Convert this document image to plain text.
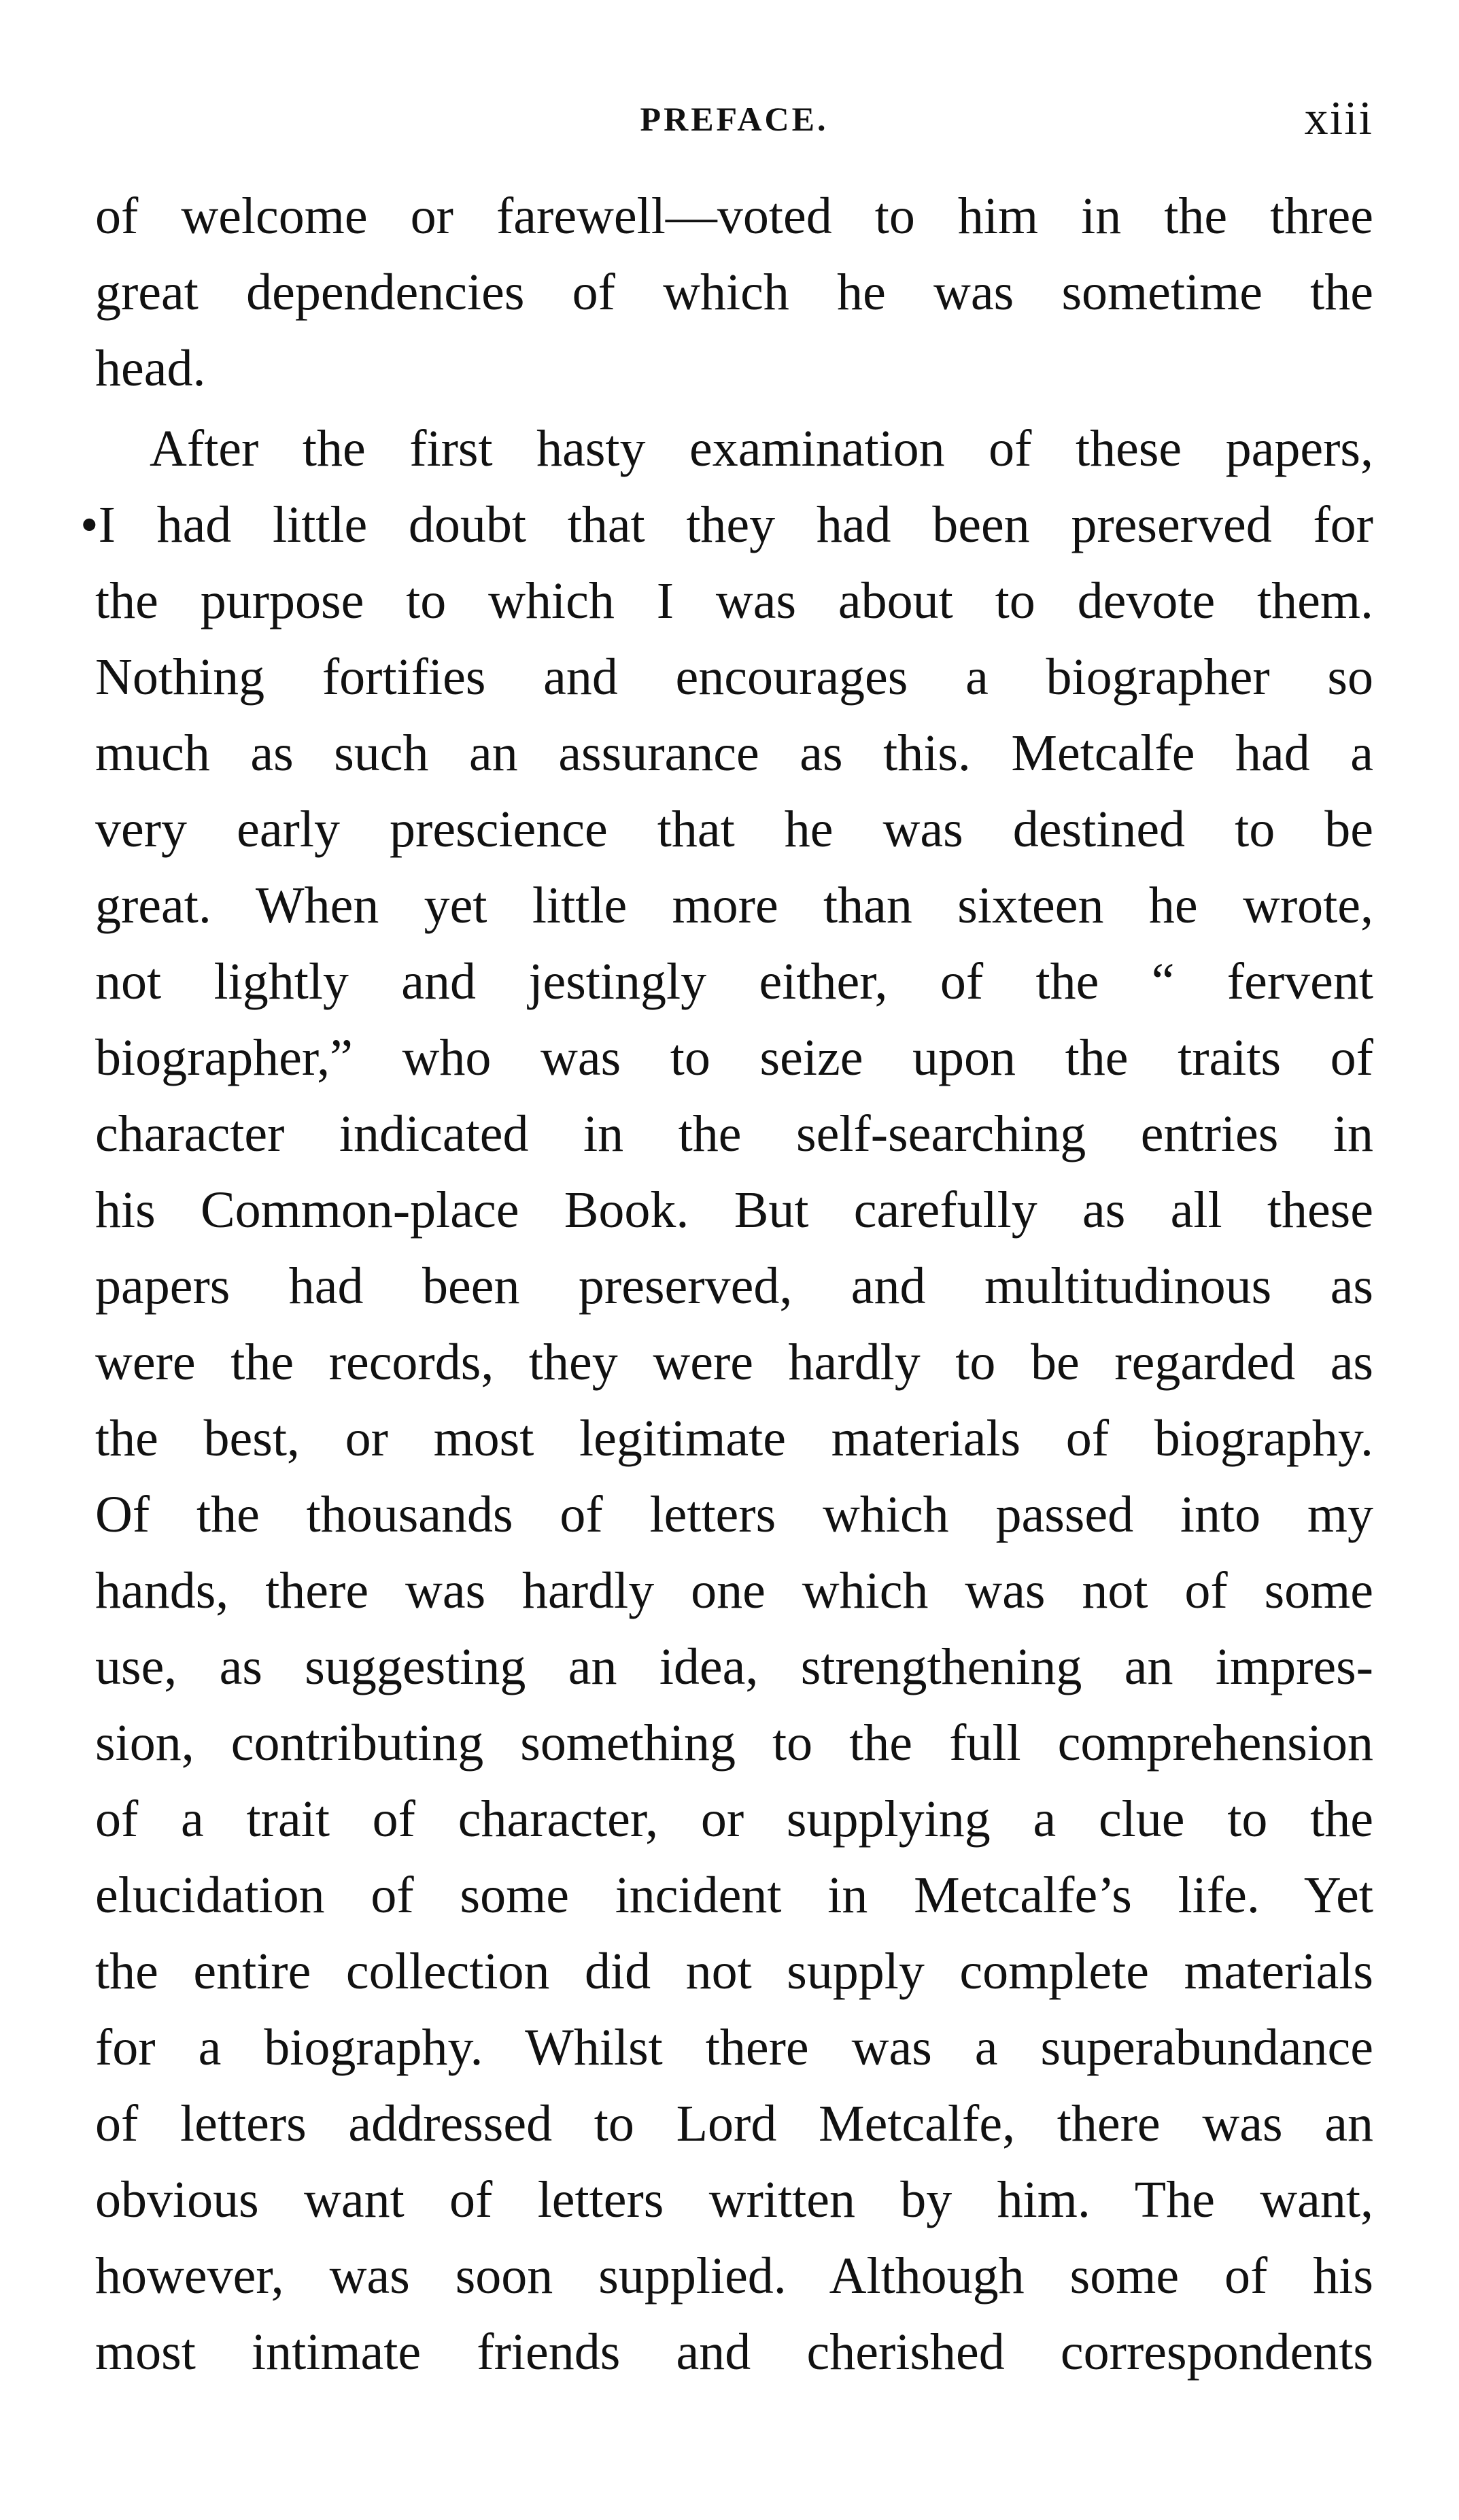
PREFACE.	xiii
of welcome or farewell—voted to him in the three
great dependencies of which he was sometime the
head.
After the first hasty examination of these papers,
•I had little doubt that they had been preserved for
the purpose to which I was about to devote them.
Nothing fortifies and encourages a biographer so
much as such an assurance as this. Metcalfe had a
very early prescience that he was destined to be
great. When yet little more than sixteen he wrote,
not lightly and jestingly either, of the “ fervent
biographer,” who was to seize upon the traits of
character indicated in the self-searching entries in
his Common-place Book. But carefully as all these
papers had been preserved, and multitudinous as
were the records, they were hardly to be regarded as
the best, or most legitimate materials of biography.
Of the thousands of letters which passed into my
hands, there was hardly one which was not of some
use, as suggesting an idea, strengthening an impres-
sion, contributing something to the full comprehension
of a trait of character, or supplying a clue to the
elucidation of some incident in Metcalfe’s life. Yet
the entire collection did not supply complete materials
for a biography. Whilst there was a superabundance
of letters addressed to Lord Metcalfe, there was an
obvious want of letters written by him. The want,
however, was soon supplied. Although some of his
most intimate friends and cherished correspondents
